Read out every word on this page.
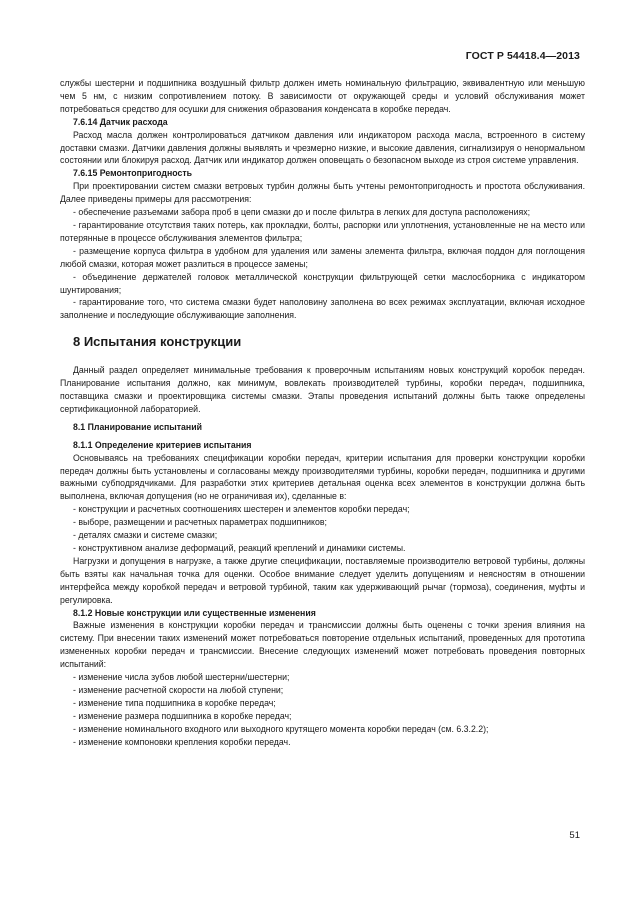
ГОСТ Р 54418.4—2013

службы шестерни и подшипника воздушный фильтр должен иметь номинальную фильтрацию, эквивалентную или меньшую чем 5 нм, с низким сопротивлением потоку. В зависимости от окружающей среды и условий обслуживания может потребоваться средство для осушки для снижения образования конденсата в коробке передач.

7.6.14 Датчик расхода

Расход масла должен контролироваться датчиком давления или индикатором расхода масла, встроенного в систему доставки смазки. Датчики давления должны выявлять и чрезмерно низкие, и высокие давления, сигнализируя о ненормальном состоянии или блокируя расход. Датчик или индикатор должен оповещать о безопасном выходе из строя системе управления.

7.6.15 Ремонтопригодность

При проектировании систем смазки ветровых турбин должны быть учтены ремонтопригодность и простота обслуживания. Далее приведены примеры для рассмотрения:

- обеспечение разъемами забора проб в цепи смазки до и после фильтра в легких для доступа расположениях;

- гарантирование отсутствия таких потерь, как прокладки, болты, распорки или уплотнения, установленные не на место или потерянные в процессе обслуживания элементов фильтра;

- размещение корпуса фильтра в удобном для удаления или замены элемента фильтра, включая поддон для поглощения любой смазки, которая может разлиться в процессе замены;

- объединение держателей головок металлической конструкции фильтрующей сетки маслосборника с индикатором шунтирования;

- гарантирование того, что система смазки будет наполовину заполнена во всех режимах эксплуатации, включая исходное заполнение и последующие обслуживающие заполнения.

8 Испытания конструкции

Данный раздел определяет минимальные требования к проверочным испытаниям новых конструкций коробок передач. Планирование испытания должно, как минимум, вовлекать производителей турбины, коробки передач, подшипника, поставщика смазки и проектировщика системы смазки. Этапы проведения испытаний должны быть также определены сертификационной лабораторией.

8.1 Планирование испытаний

8.1.1 Определение критериев испытания

Основываясь на требованиях спецификации коробки передач, критерии испытания для проверки конструкции коробки передач должны быть установлены и согласованы между производителями турбины, коробки передач, подшипника и другими важными субподрядчиками. Для разработки этих критериев детальная оценка всех элементов в конструкции должна быть выполнена, включая допущения (но не ограничивая их), сделанные в:

- конструкции и расчетных соотношениях шестерен и элементов коробки передач;

- выборе, размещении и расчетных параметрах подшипников;

- деталях смазки и системе смазки;

- конструктивном анализе деформаций, реакций креплений и динамики системы.

Нагрузки и допущения в нагрузке, а также другие спецификации, поставляемые производителю ветровой турбины, должны быть взяты как начальная точка для оценки. Особое внимание следует уделить допущениям и неясностям в отношении интерфейса между коробкой передач и ветровой турбиной, таким как удерживающий рычаг (тормоза), соединения, муфты и регулировка.

8.1.2 Новые конструкции или существенные изменения

Важные изменения в конструкции коробки передач и трансмиссии должны быть оценены с точки зрения влияния на систему. При внесении таких изменений может потребоваться повторение отдельных испытаний, проведенных для прототипа измененных коробки передач и трансмиссии. Внесение следующих изменений может потребовать проведения повторных испытаний:

- изменение числа зубов любой шестерни/шестерни;

- изменение расчетной скорости на любой ступени;

- изменение типа подшипника в коробке передач;

- изменение размера подшипника в коробке передач;

- изменение номинального входного или выходного крутящего момента коробки передач (см. 6.3.2.2);

- изменение компоновки крепления коробки передач.

51
